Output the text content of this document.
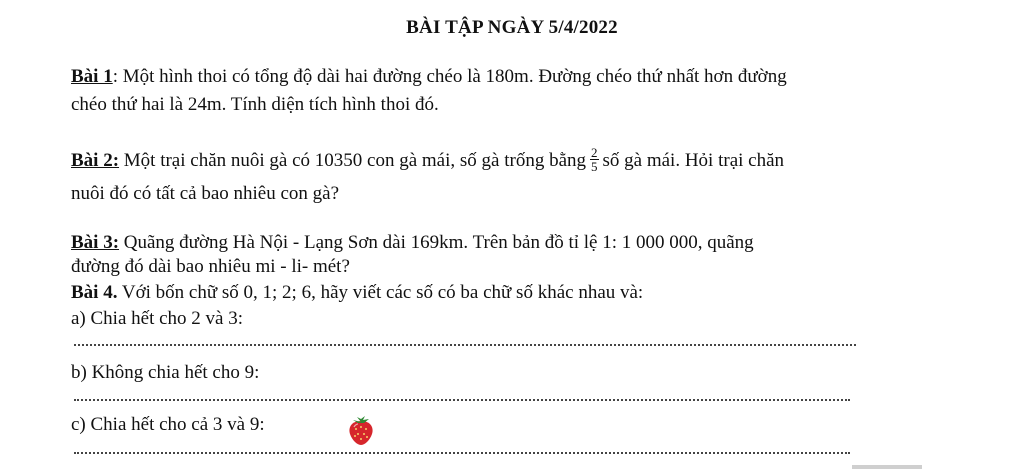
BÀI TẬP NGÀY 5/4/2022
Bài 1: Một hình thoi có tổng độ dài hai đường chéo là 180m. Đường chéo thứ nhất hơn đường
chéo thứ hai là 24m. Tính diện tích hình thoi đó.
Bài 2: Một trại chăn nuôi gà có 10350 con gà mái, số gà trống bằng $\frac{2}{5}$ số gà mái. Hỏi trại chăn
nuôi đó có tất cả bao nhiêu con gà?
Bài 3: Quãng đường Hà Nội - Lạng Sơn dài 169km. Trên bản đồ tỉ lệ 1: 1 000 000, quãng
đường đó dài bao nhiêu mi - li- mét?
Bài 4. Với bốn chữ số 0, 1; 2; 6, hãy viết các số có ba chữ số khác nhau và:
a) Chia hết cho 2 và 3:
b) Không chia hết cho 9:
c) Chia hết cho cả 3 và 9:
